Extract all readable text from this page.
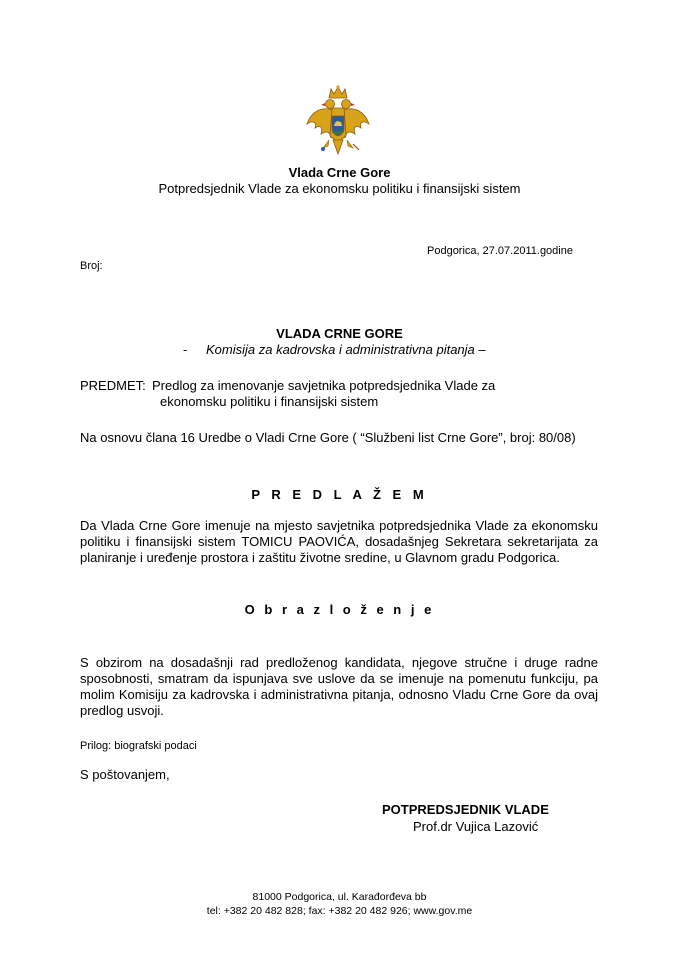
Vlada Crne Gore
Potpredsjednik Vlade za ekonomsku politiku i finansijski sistem
Podgorica, 27.07.2011.godine
Broj:
VLADA CRNE GORE
- Komisija za kadrovska i administrativna pitanja –
PREDMET: Predlog za imenovanje savjetnika potpredsjednika Vlade za
ekonomsku politiku i finansijski sistem
Na osnovu člana 16 Uredbe o Vladi Crne Gore ( “Službeni list Crne Gore”, broj: 80/08)
P R E D L A Ž E M
Da Vlada Crne Gore imenuje na mjesto savjetnika potpredsjednika Vlade za ekonomsku politiku i finansijski sistem TOMICU PAOVIĆA, dosadašnjeg Sekretara sekretarijata za planiranje i uređenje prostora i zaštitu životne sredine, u Glavnom gradu Podgorica.
O b r a z l o ž e n j e
S obzirom na dosadašnji rad predloženog kandidata, njegove stručne i druge radne sposobnosti, smatram da ispunjava sve uslove da se imenuje na pomenutu funkciju, pa molim Komisiju za kadrovska i administrativna pitanja, odnosno Vladu Crne Gore da ovaj predlog usvoji.
Prilog: biografski podaci
S poštovanjem,
POTPREDSJEDNIK VLADE
Prof.dr Vujica Lazović
81000 Podgorica, ul. Karađorđeva bb
tel: +382 20 482 828; fax: +382 20 482 926; www.gov.me
